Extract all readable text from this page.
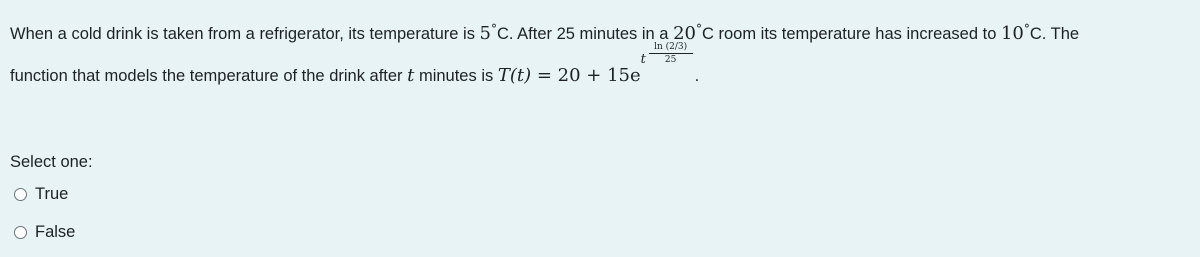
When a cold drink is taken from a refrigerator, its temperature is 5°C. After 25 minutes in a 20°C room its temperature has increased to 10°C. The
function that models the temperature of the drink after t minutes is T(t) = 20 + 15e
t $\frac{\ln (2/3)}{25}$
.
Select one:
True
False
